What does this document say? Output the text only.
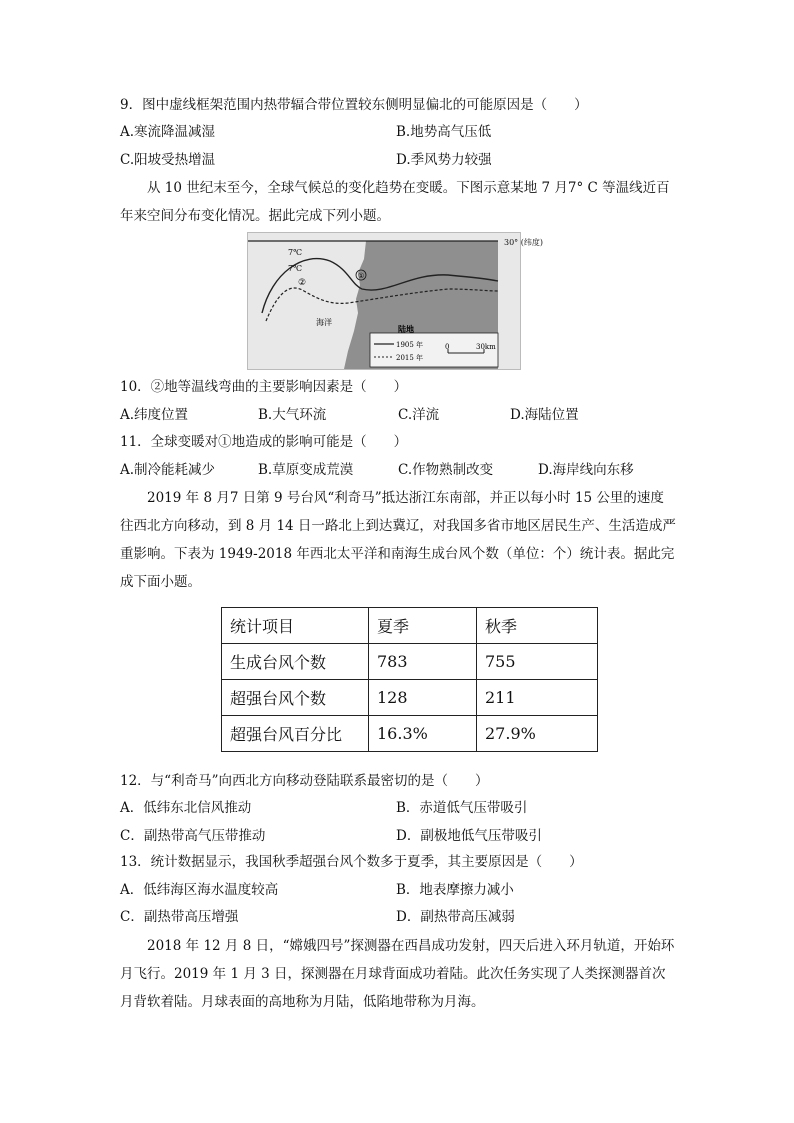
9．图中虚线框架范围内热带辐合带位置较东侧明显偏北的可能原因是（　　）
A.寒流降温减湿	B.地势高气压低
C.阳坡受热增温	D.季风势力较强
从 10 世纪末至今，全球气候总的变化趋势在变暖。下图示意某地 7 月7° C 等温线近百年来空间分布变化情况。据此完成下列小题。
30° (纬度)
7℃
7℃
①
②
海洋
陆地
1905 年
2015 年
0	30km
10．②地等温线弯曲的主要影响因素是（　　）
A.纬度位置	B.大气环流	C.洋流	D.海陆位置
11．全球变暖对①地造成的影响可能是（　　）
A.制冷能耗减少	B.草原变成荒漠	C.作物熟制改变	D.海岸线向东移
2019 年 8 月7 日第 9 号台风“利奇马”抵达浙江东南部，并正以每小时 15 公里的速度往西北方向移动，到 8 月 14 日一路北上到达冀辽，对我国多省市地区居民生产、生活造成严重影响。下表为 1949-2018 年西北太平洋和南海生成台风个数（单位：个）统计表。据此完成下面小题。
统计项目	夏季	秋季
生成台风个数	783	755
超强台风个数	128	211
超强台风百分比	16.3%	27.9%
12．与“利奇马”向西北方向移动登陆联系最密切的是（　　）
A．低纬东北信风推动	B．赤道低气压带吸引
C．副热带高气压带推动	D．副极地低气压带吸引
13．统计数据显示，我国秋季超强台风个数多于夏季，其主要原因是（　　）
A．低纬海区海水温度较高	B．地表摩擦力减小
C．副热带高压增强	D．副热带高压减弱
2018 年 12 月 8 日，“嫦娥四号”探测器在西昌成功发射，四天后进入环月轨道，开始环月飞行。2019 年 1 月 3 日，探测器在月球背面成功着陆。此次任务实现了人类探测器首次月背软着陆。月球表面的高地称为月陆，低陷地带称为月海。
